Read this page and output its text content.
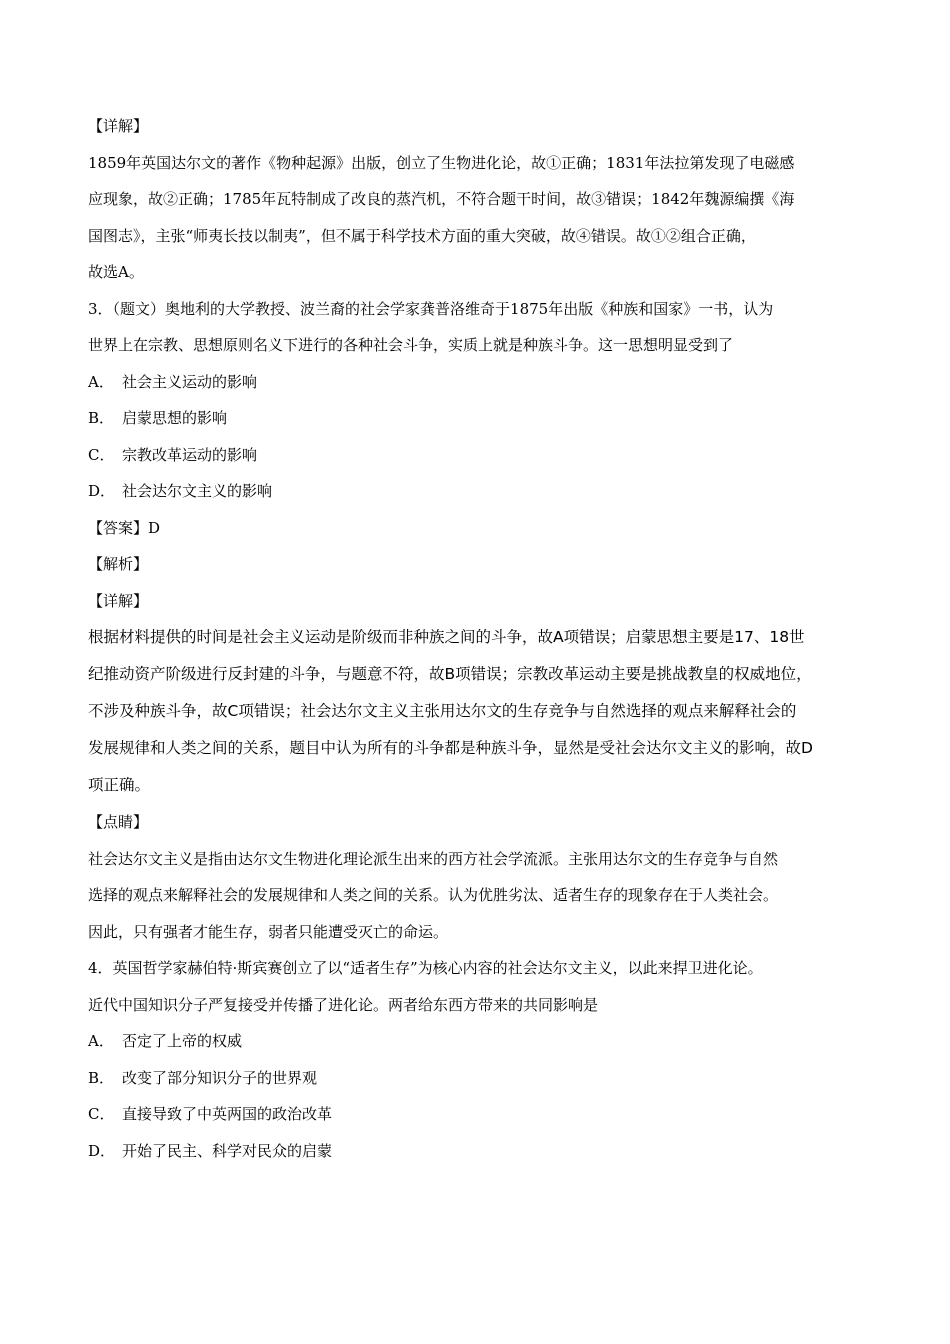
【详解】

1859年英国达尔文的著作《物种起源》出版，创立了生物进化论，故①正确；1831年法拉第发现了电磁感

应现象，故②正确；1785年瓦特制成了改良的蒸汽机，不符合题干时间，故③错误；1842年魏源编撰《海

国图志》，主张“师夷长技以制夷”，但不属于科学技术方面的重大突破，故④错误。故①②组合正确，

故选A。

3．（题文）奥地利的大学教授、波兰裔的社会学家龚普洛维奇于1875年出版《种族和国家》一书，认为

世界上在宗教、思想原则名义下进行的各种社会斗争，实质上就是种族斗争。这一思想明显受到了

A． 社会主义运动的影响

B． 启蒙思想的影响

C． 宗教改革运动的影响

D． 社会达尔文主义的影响

【答案】D

【解析】

【详解】

根据材料提供的时间是社会主义运动是阶级而非种族之间的斗争，故A项错误；启蒙思想主要是17、18世

纪推动资产阶级进行反封建的斗争，与题意不符，故B项错误；宗教改革运动主要是挑战教皇的权威地位，

不涉及种族斗争，故C项错误；社会达尔文主义主张用达尔文的生存竞争与自然选择的观点来解释社会的

发展规律和人类之间的关系，题目中认为所有的斗争都是种族斗争，显然是受社会达尔文主义的影响，故D

项正确。

【点睛】

社会达尔文主义是指由达尔文生物进化理论派生出来的西方社会学流派。主张用达尔文的生存竞争与自然

选择的观点来解释社会的发展规律和人类之间的关系。认为优胜劣汰、适者生存的现象存在于人类社会。

因此，只有强者才能生存，弱者只能遭受灭亡的命运。

4．英国哲学家赫伯特·斯宾赛创立了以“适者生存”为核心内容的社会达尔文主义，以此来捍卫进化论。

近代中国知识分子严复接受并传播了进化论。两者给东西方带来的共同影响是

A． 否定了上帝的权威

B． 改变了部分知识分子的世界观

C． 直接导致了中英两国的政治改革

D． 开始了民主、科学对民众的启蒙
